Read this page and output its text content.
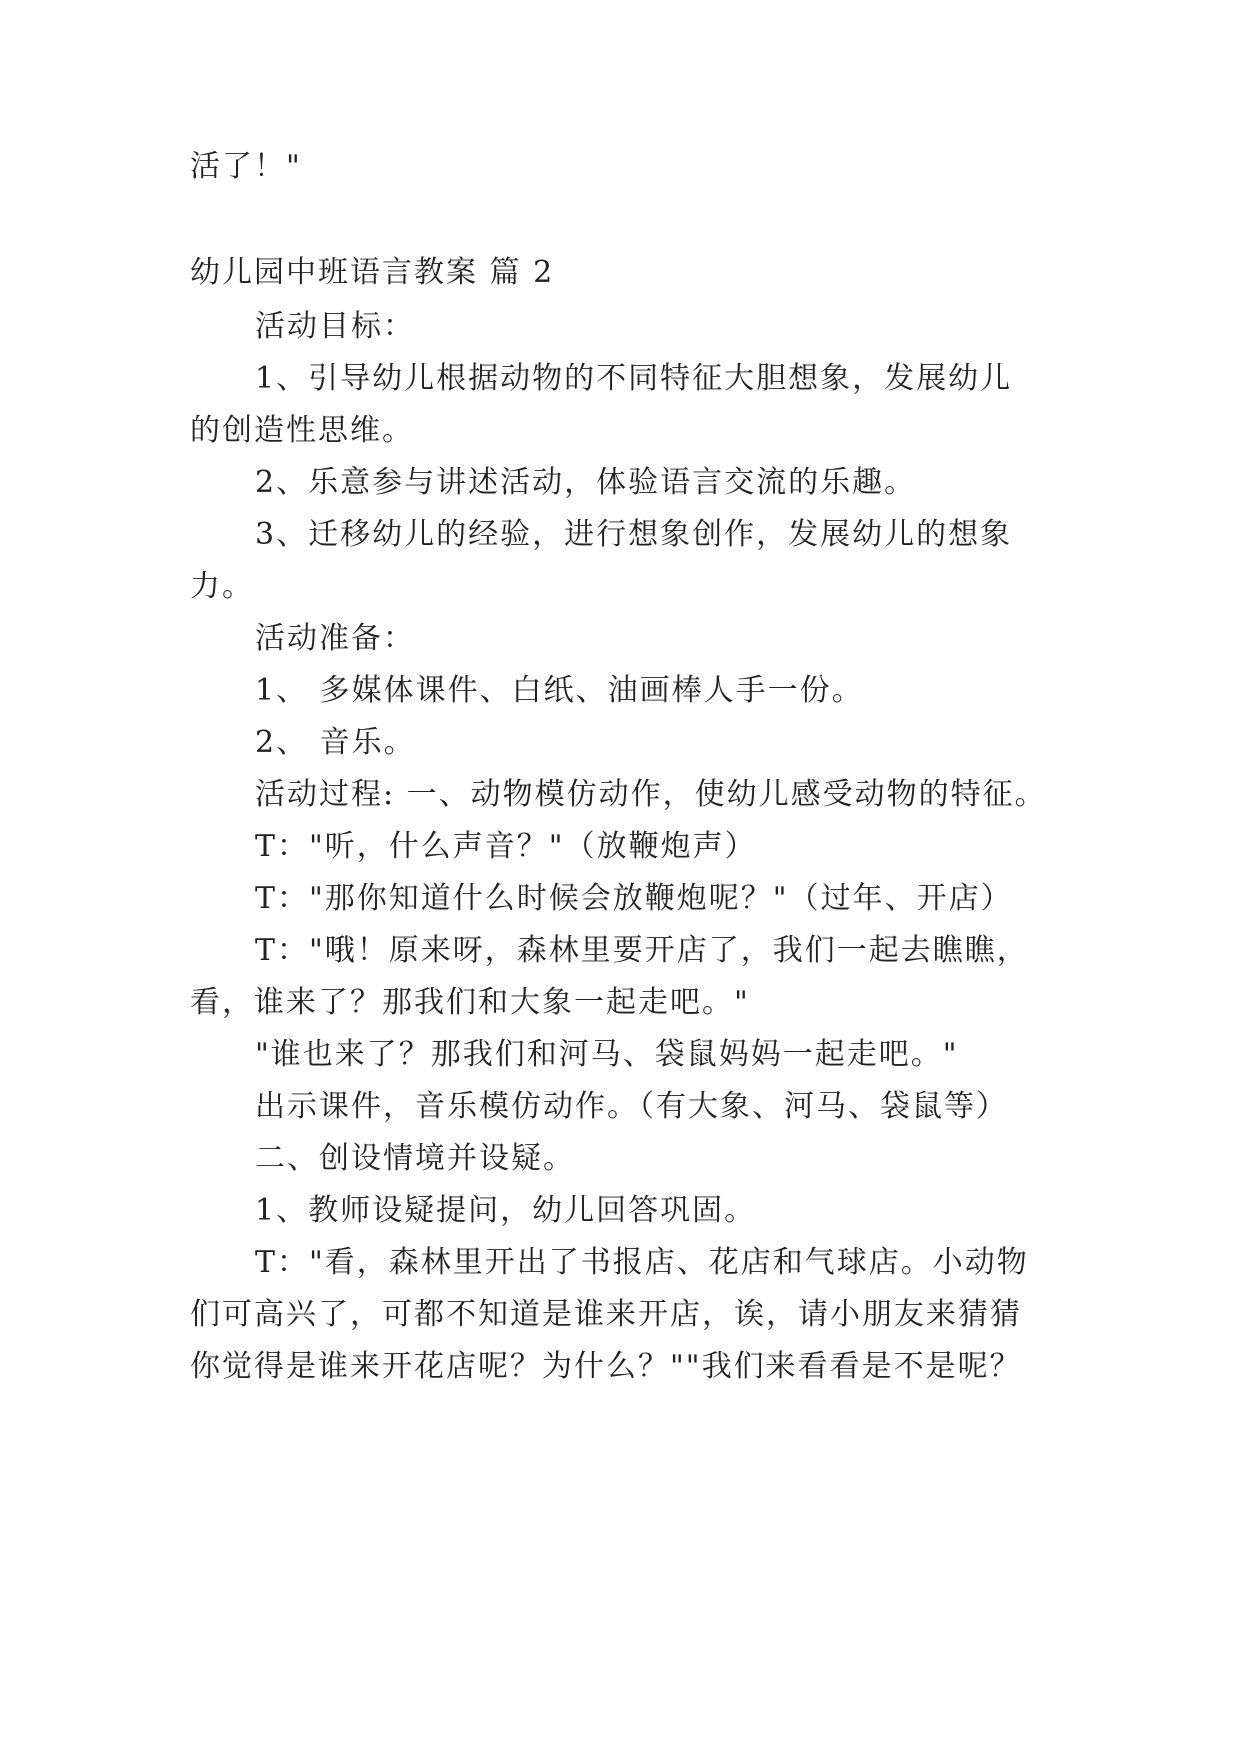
活了！"
幼儿园中班语言教案 篇 2
活动目标：
1、引导幼儿根据动物的不同特征大胆想象，发展幼儿
的创造性思维。
2、乐意参与讲述活动，体验语言交流的乐趣。
3、迁移幼儿的经验，进行想象创作，发展幼儿的想象
力。
活动准备：
1、 多媒体课件、白纸、油画棒人手一份。
2、 音乐。
活动过程: 一、动物模仿动作，使幼儿感受动物的特征。
T："听，什么声音？"（放鞭炮声）
T："那你知道什么时候会放鞭炮呢？"（过年、开店）
T："哦！原来呀，森林里要开店了，我们一起去瞧瞧，
看，谁来了？那我们和大象一起走吧。"
"谁也来了？那我们和河马、袋鼠妈妈一起走吧。"
出示课件，音乐模仿动作。（有大象、河马、袋鼠等）
二、创设情境并设疑。
1、教师设疑提问，幼儿回答巩固。
T："看，森林里开出了书报店、花店和气球店。小动物
们可高兴了，可都不知道是谁来开店，诶，请小朋友来猜猜
你觉得是谁来开花店呢？为什么？""我们来看看是不是呢？
